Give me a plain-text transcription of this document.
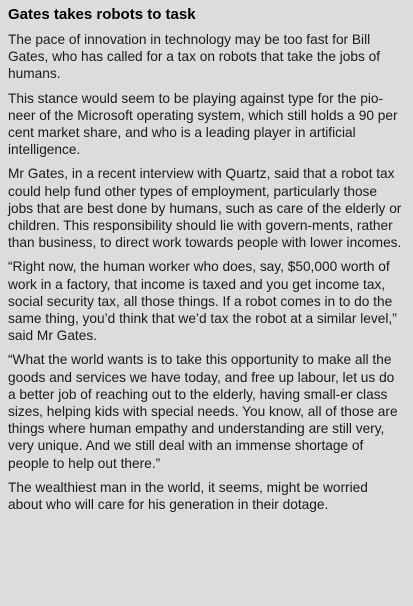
Gates takes robots to task

The pace of innovation in technology may be too fast for Bill Gates, who has called for a tax on robots that take the jobs of humans.

This stance would seem to be playing against type for the pio-neer of the Microsoft operating system, which still holds a 90 per cent market share, and who is a leading player in artificial intelligence.

Mr Gates, in a recent interview with Quartz, said that a robot tax could help fund other types of employment, particularly those jobs that are best done by humans, such as care of the elderly or children. This responsibility should lie with govern-ments, rather than business, to direct work towards people with lower incomes.

“Right now, the human worker who does, say, $50,000 worth of work in a factory, that income is taxed and you get income tax, social security tax, all those things. If a robot comes in to do the same thing, you’d think that we’d tax the robot at a similar level,” said Mr Gates.

“What the world wants is to take this opportunity to make all the goods and services we have today, and free up labour, let us do a better job of reaching out to the elderly, having small-er class sizes, helping kids with special needs. You know, all of those are things where human empathy and understanding are still very, very unique. And we still deal with an immense shortage of people to help out there.”

The wealthiest man in the world, it seems, might be worried about who will care for his generation in their dotage.
